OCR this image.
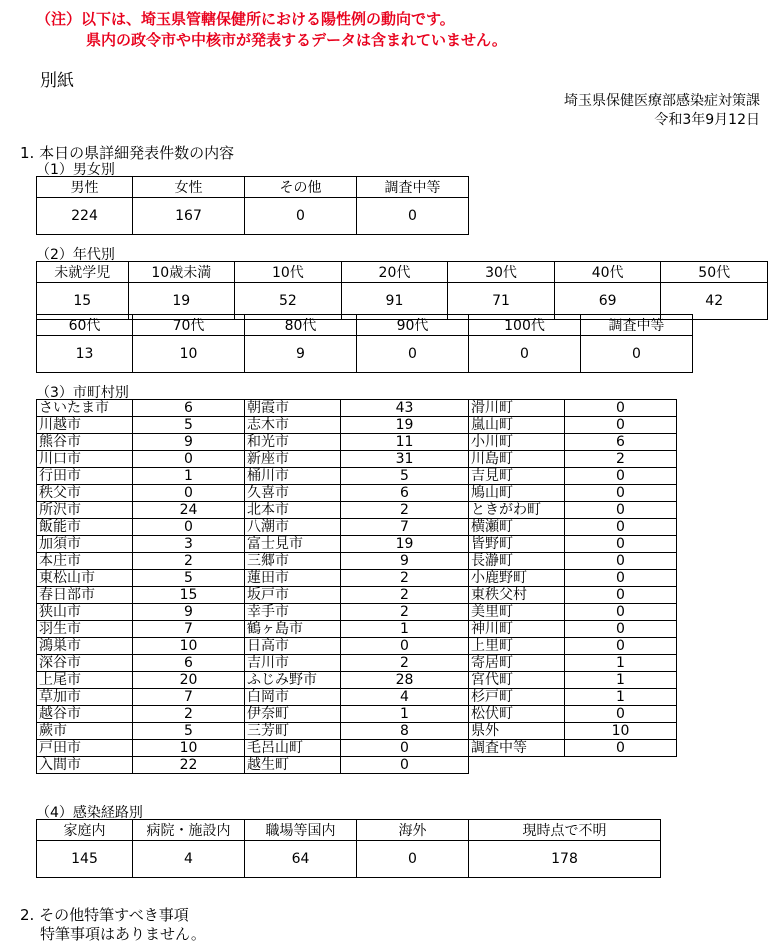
（注）以下は、埼玉県管轄保健所における陽性例の動向です。
県内の政令市や中核市が発表するデータは含まれていません。
別紙
埼玉県保健医療部感染症対策課
令和3年9月12日
1. 本日の県詳細発表件数の内容
（1）男女別
男性	女性	その他	調査中等
224	167	0	0
（2）年代別
未就学児	10歳未満	10代	20代	30代	40代	50代
15	19	52	91	71	69	42
60代	70代	80代	90代	100代	調査中等
13	10	9	0	0	0
（3）市町村別
さいたま市	6	朝霞市	43	滑川町	0
川越市	5	志木市	19	嵐山町	0
熊谷市	9	和光市	11	小川町	6
川口市	0	新座市	31	川島町	2
行田市	1	桶川市	5	吉見町	0
秩父市	0	久喜市	6	鳩山町	0
所沢市	24	北本市	2	ときがわ町	0
飯能市	0	八潮市	7	横瀬町	0
加須市	3	富士見市	19	皆野町	0
本庄市	2	三郷市	9	長瀞町	0
東松山市	5	蓮田市	2	小鹿野町	0
春日部市	15	坂戸市	2	東秩父村	0
狭山市	9	幸手市	2	美里町	0
羽生市	7	鶴ヶ島市	1	神川町	0
鴻巣市	10	日高市	0	上里町	0
深谷市	6	吉川市	2	寄居町	1
上尾市	20	ふじみ野市	28	宮代町	1
草加市	7	白岡市	4	杉戸町	1
越谷市	2	伊奈町	1	松伏町	0
蕨市	5	三芳町	8	県外	10
戸田市	10	毛呂山町	0	調査中等	0
入間市	22	越生町	0		
（4）感染経路別
家庭内	病院・施設内	職場等国内	海外	現時点で不明
145	4	64	0	178
2. その他特筆すべき事項
特筆事項はありません。
